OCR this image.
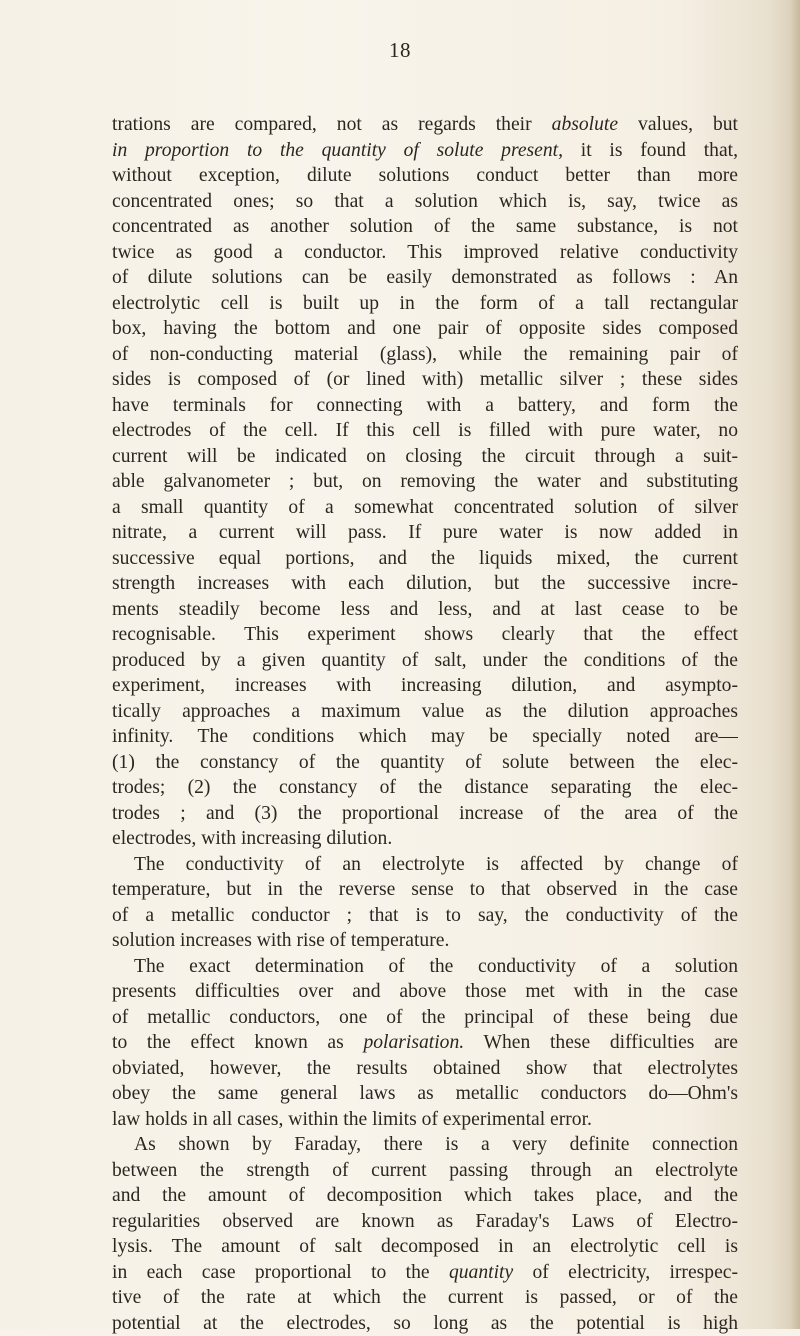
18
trations are compared, not as regards their absolute values, but
in proportion to the quantity of solute present, it is found that,
without exception, dilute solutions conduct better than more
concentrated ones; so that a solution which is, say, twice as
concentrated as another solution of the same substance, is not
twice as good a conductor. This improved relative conductivity
of dilute solutions can be easily demonstrated as follows : An
electrolytic cell is built up in the form of a tall rectangular
box, having the bottom and one pair of opposite sides composed
of non-conducting material (glass), while the remaining pair of
sides is composed of (or lined with) metallic silver ; these sides
have terminals for connecting with a battery, and form the
electrodes of the cell. If this cell is filled with pure water, no
current will be indicated on closing the circuit through a suit-
able galvanometer ; but, on removing the water and substituting
a small quantity of a somewhat concentrated solution of silver
nitrate, a current will pass. If pure water is now added in
successive equal portions, and the liquids mixed, the current
strength increases with each dilution, but the successive incre-
ments steadily become less and less, and at last cease to be
recognisable. This experiment shows clearly that the effect
produced by a given quantity of salt, under the conditions of the
experiment, increases with increasing dilution, and asympto-
tically approaches a maximum value as the dilution approaches
infinity. The conditions which may be specially noted are—
(1) the constancy of the quantity of solute between the elec-
trodes; (2) the constancy of the distance separating the elec-
trodes ; and (3) the proportional increase of the area of the
electrodes, with increasing dilution.
The conductivity of an electrolyte is affected by change of
temperature, but in the reverse sense to that observed in the case
of a metallic conductor ; that is to say, the conductivity of the
solution increases with rise of temperature.
The exact determination of the conductivity of a solution
presents difficulties over and above those met with in the case
of metallic conductors, one of the principal of these being due
to the effect known as polarisation. When these difficulties are
obviated, however, the results obtained show that electrolytes
obey the same general laws as metallic conductors do—Ohm's
law holds in all cases, within the limits of experimental error.
As shown by Faraday, there is a very definite connection
between the strength of current passing through an electrolyte
and the amount of decomposition which takes place, and the
regularities observed are known as Faraday's Laws of Electro-
lysis. The amount of salt decomposed in an electrolytic cell is
in each case proportional to the quantity of electricity, irrespec-
tive of the rate at which the current is passed, or of the
potential at the electrodes, so long as the potential is high
